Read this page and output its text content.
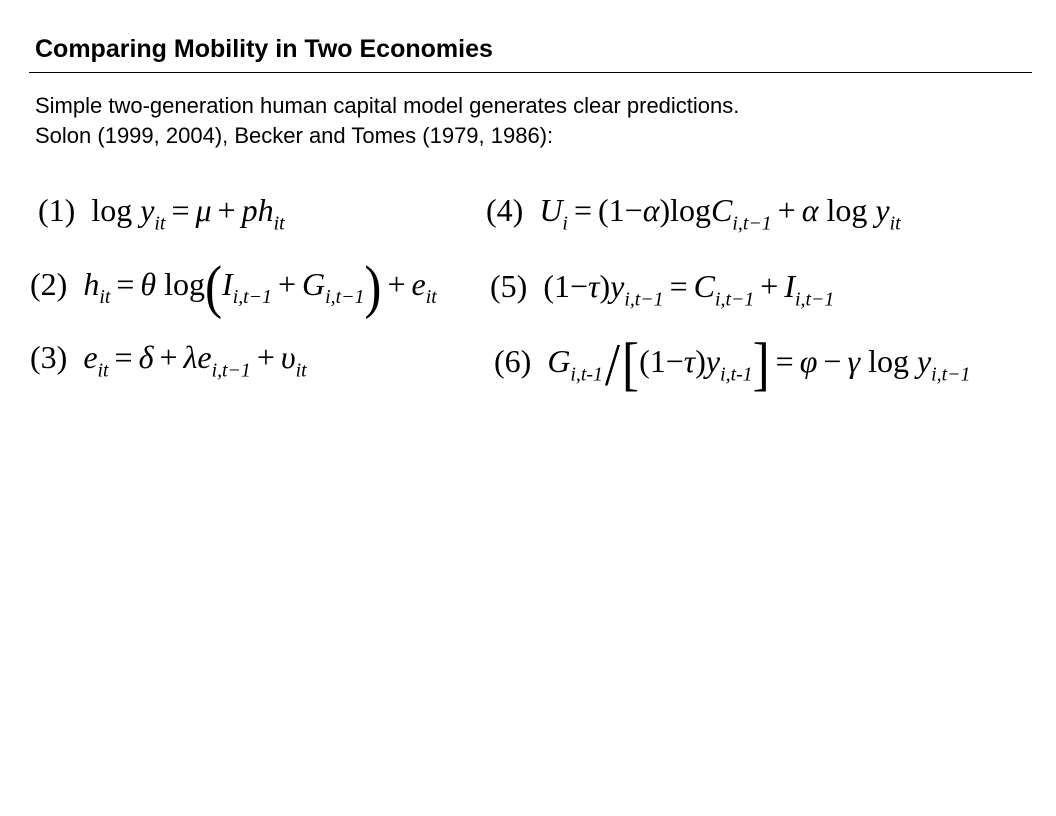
Comparing Mobility in Two Economies
Simple two-generation human capital model generates clear predictions.
Solon (1999, 2004), Becker and Tomes (1979, 1986):
(1) $\log y_{it} = \mu + ph_{it}$
(2) $h_{it} = \theta$ $\log(I_{i,t-1} + G_{i,t-1}) + e_{it}$
(3) $e_{it} = \delta + \lambda e_{i,t-1} + \upsilon_{it}$
(4) $U_i = (1-\alpha)\log C_{i,t-1} + \alpha$ $\log y_{it}$
(5) $(1-\tau)y_{i,t-1} = C_{i,t-1} + I_{i,t-1}$
(6) $G_{i,t-1}/[(1-\tau)y_{i,t-1}] = \varphi - \gamma$ $\log y_{i,t-1}$
